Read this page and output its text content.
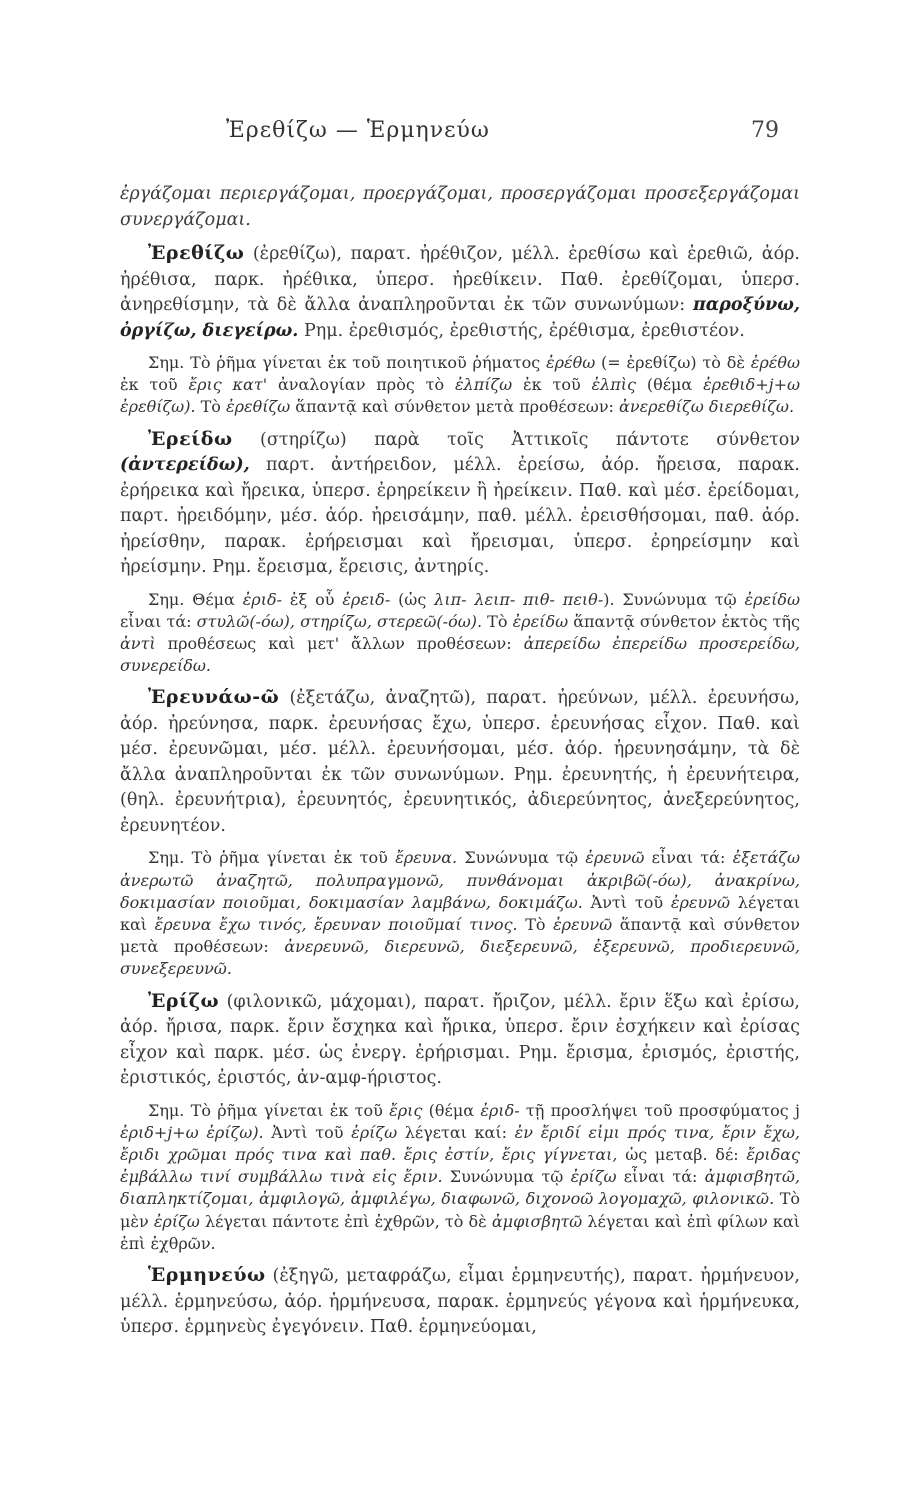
Ἐρεθίζω — Ἑρμηνεύω	79

ἐργάζομαι περιεργάζομαι, προεργάζομαι, προσεργάζομαι προσεξεργάζομαι συνεργάζομαι.

Ἐρεθίζω (ἐρεθίζω), παρατ. ἠρέθιζον, μέλλ. ἐρεθίσω καὶ ἐρεθιῶ, ἀόρ. ἠρέθισα, παρκ. ἠρέθικα, ὑπερσ. ἠρεθίκειν. Παθ. ἐρεθίζομαι, ὑπερσ. ἀνηρεθίσμην, τὰ δὲ ἄλλα ἀναπληροῦνται ἐκ τῶν συνωνύμων: παροξύνω, ὀργίζω, διεγείρω. Ρημ. ἐρεθισμός, ἐρεθιστής, ἐρέθισμα, ἐρεθιστέον.

Σημ. Τὸ ῥῆμα γίνεται ἐκ τοῦ ποιητικοῦ ῥήματος ἐρέθω (= ἐρεθίζω) τὸ δὲ ἐρέθω ἐκ τοῦ ἔρις κατ' ἀναλογίαν πρὸς τὸ ἐλπίζω ἐκ τοῦ ἐλπὶς (θέμα ἐρεθιδ+j+ω ἐρεθίζω). Τὸ ἐρεθίζω ἅπαντᾷ καὶ σύνθετον μετὰ προθέσεων: ἀνερεθίζω διερεθίζω.

Ἐρείδω (στηρίζω) παρὰ τοῖς Ἀττικοῖς πάντοτε σύνθετον (ἀντερείδω), παρτ. ἀντήρειδον, μέλλ. ἐρείσω, ἀόρ. ἤρεισα, παρακ. ἐρήρεικα καὶ ἤρεικα, ὑπερσ. ἐρηρείκειν ἢ ἠρείκειν. Παθ. καὶ μέσ. ἐρείδομαι, παρτ. ἠρειδόμην, μέσ. ἀόρ. ἠρεισάμην, παθ. μέλλ. ἐρεισθήσομαι, παθ. ἀόρ. ἠρείσθην, παρακ. ἐρήρεισμαι καὶ ἤρεισμαι, ὑπερσ. ἐρηρείσμην καὶ ἠρείσμην. Ρημ. ἔρεισμα, ἔρεισις, ἀντηρίς.

Σημ. Θέμα ἐριδ- ἐξ οὗ ἐρειδ- (ὡς λιπ- λειπ- πιθ- πειθ-). Συνώνυμα τῷ ἐρείδω εἶναι τά: στυλῶ(-όω), στηρίζω, στερεῶ(-όω). Τὸ ἐρείδω ἅπαντᾷ σύνθετον ἐκτὸς τῆς ἀντὶ προθέσεως καὶ μετ' ἄλλων προθέσεων: ἀπερείδω ἐπερείδω προσερείδω, συνερείδω.

Ἐρευνάω-ῶ (ἐξετάζω, ἀναζητῶ), παρατ. ἠρεύνων, μέλλ. ἐρευνήσω, ἀόρ. ἠρεύνησα, παρκ. ἐρευνήσας ἔχω, ὑπερσ. ἐρευνήσας εἶχον. Παθ. καὶ μέσ. ἐρευνῶμαι, μέσ. μέλλ. ἐρευνήσομαι, μέσ. ἀόρ. ἠρευνησάμην, τὰ δὲ ἄλλα ἀναπληροῦνται ἐκ τῶν συνωνύμων. Ρημ. ἐρευνητής, ἡ ἐρευνήτειρα, (θηλ. ἐρευνήτρια), ἐρευνητός, ἐρευνητικός, ἀδιερεύνητος, ἀνεξερεύνητος, ἐρευνητέον.

Σημ. Τὸ ῥῆμα γίνεται ἐκ τοῦ ἔρευνα. Συνώνυμα τῷ ἐρευνῶ εἶναι τά: ἐξετάζω ἀνερωτῶ ἀναζητῶ, πολυπραγμονῶ, πυνθάνομαι ἀκριβῶ(-όω), ἀνακρίνω, δοκιμασίαν ποιοῦμαι, δοκιμασίαν λαμβάνω, δοκιμάζω. Ἀντὶ τοῦ ἐρευνῶ λέγεται καὶ ἔρευνα ἔχω τινός, ἔρευναν ποιοῦμαί τινος. Τὸ ἐρευνῶ ἅπαντᾷ καὶ σύνθετον μετὰ προθέσεων: ἀνερευνῶ, διερευνῶ, διεξερευνῶ, ἐξερευνῶ, προδιερευνῶ, συνεξερευνῶ.

Ἐρίζω (φιλονικῶ, μάχομαι), παρατ. ἤριζον, μέλλ. ἔριν ἕξω καὶ ἐρίσω, ἀόρ. ἤρισα, παρκ. ἔριν ἔσχηκα καὶ ἤρικα, ὑπερσ. ἔριν ἐσχήκειν καὶ ἐρίσας εἶχον καὶ παρκ. μέσ. ὡς ἐνεργ. ἐρήρισμαι. Ρημ. ἔρισμα, ἐρισμός, ἐριστής, ἐριστικός, ἐριστός, ἀν-αμφ-ήριστος.

Σημ. Τὸ ῥῆμα γίνεται ἐκ τοῦ ἔρις (θέμα ἐριδ- τῇ προσλήψει τοῦ προσφύματος j ἐριδ+j+ω ἐρίζω). Ἀντὶ τοῦ ἐρίζω λέγεται καί: ἐν ἔριδί εἰμι πρός τινα, ἔριν ἔχω, ἔριδι χρῶμαι πρός τινα καὶ παθ. ἔρις ἐστίν, ἔρις γίγνεται, ὡς μεταβ. δέ: ἔριδας ἐμβάλλω τινί συμβάλλω τινὰ εἰς ἔριν. Συνώνυμα τῷ ἐρίζω εἶναι τά: ἀμφισβητῶ, διαπληκτίζομαι, ἀμφιλογῶ, ἀμφιλέγω, διαφωνῶ, διχονοῶ λογομαχῶ, φιλονικῶ. Τὸ μὲν ἐρίζω λέγεται πάντοτε ἐπὶ ἐχθρῶν, τὸ δὲ ἀμφισβητῶ λέγεται καὶ ἐπὶ φίλων καὶ ἐπὶ ἐχθρῶν.

Ἑρμηνεύω (ἐξηγῶ, μεταφράζω, εἶμαι ἑρμηνευτής), παρατ. ἡρμήνευον, μέλλ. ἑρμηνεύσω, ἀόρ. ἡρμήνευσα, παρακ. ἑρμηνεύς γέγονα καὶ ἡρμήνευκα, ὑπερσ. ἑρμηνεὺς ἐγεγόνειν. Παθ. ἑρμηνεύομαι,
